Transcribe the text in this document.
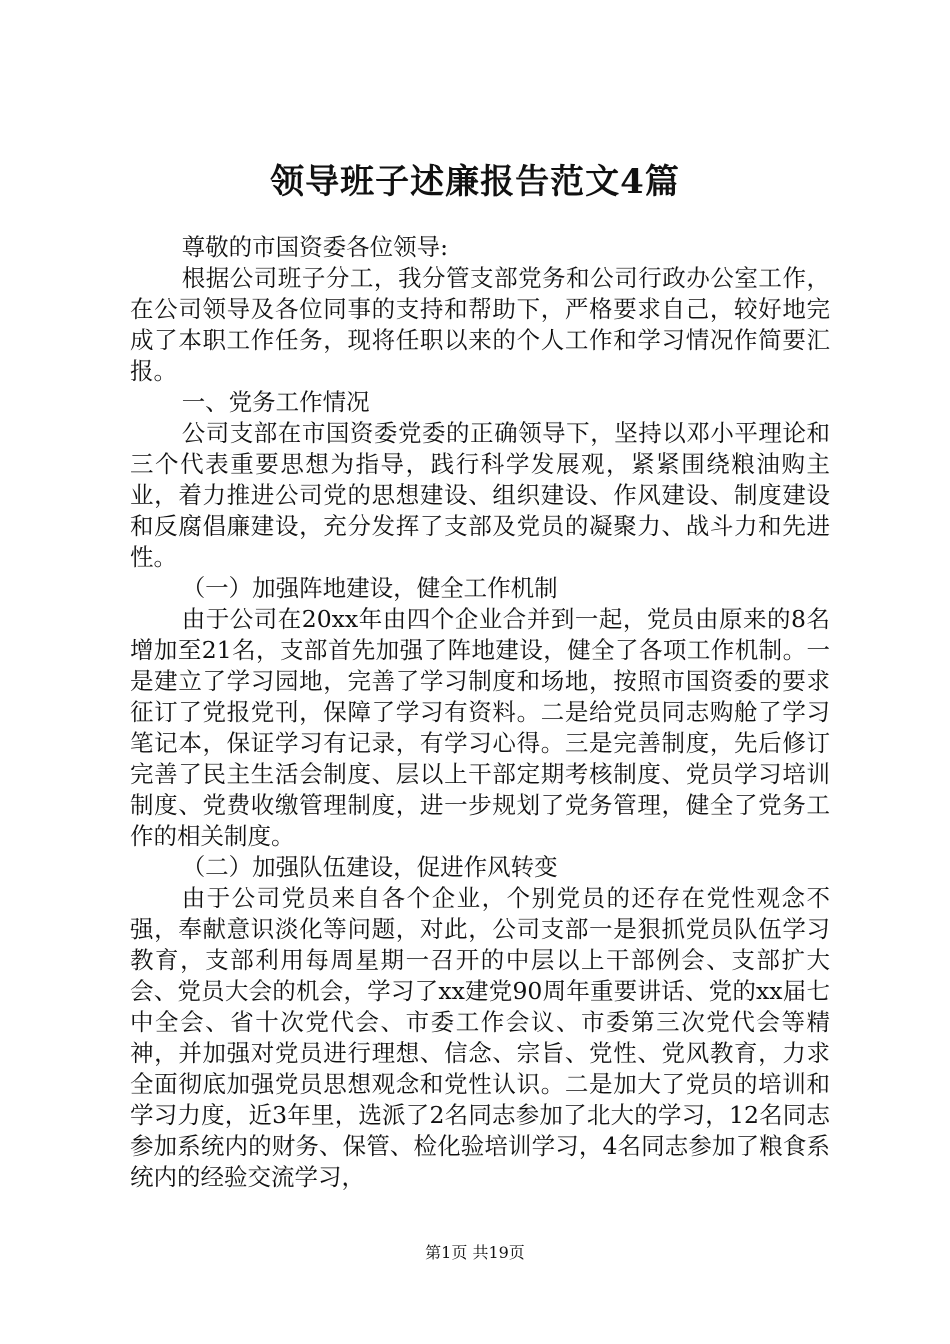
领导班子述廉报告范文4篇

尊敬的市国资委各位领导:

根据公司班子分工，我分管支部党务和公司行政办公室工作，在公司领导及各位同事的支持和帮助下，严格要求自己，较好地完成了本职工作任务，现将任职以来的个人工作和学习情况作简要汇报。

一、党务工作情况

公司支部在市国资委党委的正确领导下，坚持以邓小平理论和三个代表重要思想为指导，践行科学发展观，紧紧围绕粮油购主业，着力推进公司党的思想建设、组织建设、作风建设、制度建设和反腐倡廉建设，充分发挥了支部及党员的凝聚力、战斗力和先进性。

（一）加强阵地建设，健全工作机制

由于公司在20xx年由四个企业合并到一起，党员由原来的8名增加至21名，支部首先加强了阵地建设，健全了各项工作机制。一是建立了学习园地，完善了学习制度和场地，按照市国资委的要求征订了党报党刊，保障了学习有资料。二是给党员同志购舱了学习笔记本，保证学习有记录，有学习心得。三是完善制度，先后修订完善了民主生活会制度、层以上干部定期考核制度、党员学习培训制度、党费收缴管理制度，进一步规划了党务管理，健全了党务工作的相关制度。

（二）加强队伍建设，促进作风转变

由于公司党员来自各个企业，个别党员的还存在党性观念不强，奉献意识淡化等问题，对此，公司支部一是狠抓党员队伍学习教育，支部利用每周星期一召开的中层以上干部例会、支部扩大会、党员大会的机会，学习了xx建党90周年重要讲话、党的xx届七中全会、省十次党代会、市委工作会议、市委第三次党代会等精神，并加强对党员进行理想、信念、宗旨、党性、党风教育，力求全面彻底加强党员思想观念和党性认识。二是加大了党员的培训和学习力度，近3年里，选派了2名同志参加了北大的学习，12名同志参加系统内的财务、保管、检化验培训学习，4名同志参加了粮食系统内的经验交流学习，

第1页 共19页
